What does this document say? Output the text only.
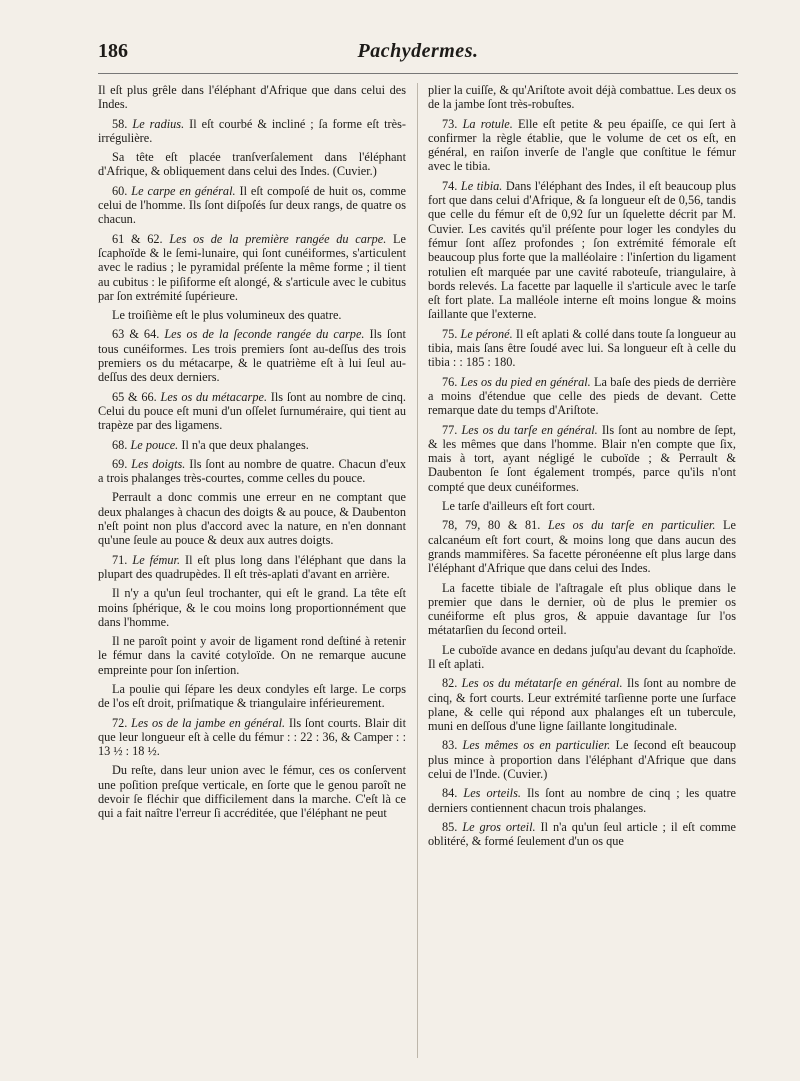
186	Pachydermes.

Il eſt plus grêle dans l'éléphant d'Afrique que dans celui des Indes.

58. Le radius. Il eſt courbé & incliné ; ſa forme eſt très-irrégulière.

Sa tête eſt placée tranſverſalement dans l'éléphant d'Afrique, & obliquement dans celui des Indes. (Cuvier.)

60. Le carpe en général. Il eſt compoſé de huit os, comme celui de l'homme. Ils ſont diſpoſés ſur deux rangs, de quatre os chacun.

61 & 62. Les os de la première rangée du carpe. Le ſcaphoïde & le ſemi-lunaire, qui ſont cunéiformes, s'articulent avec le radius ; le pyramidal préſente la même forme ; il tient au cubitus : le piſiforme eſt alongé, & s'articule avec le cubitus par ſon extrémité ſupérieure.

Le troiſième eſt le plus volumineux des quatre.

63 & 64. Les os de la ſeconde rangée du carpe. Ils ſont tous cunéiformes. Les trois premiers ſont au-deſſus des trois premiers os du métacarpe, & le quatrième eſt à lui ſeul au-deſſus des deux derniers.

65 & 66. Les os du métacarpe. Ils ſont au nombre de cinq. Celui du pouce eſt muni d'un oſſelet ſurnuméraire, qui tient au trapèze par des ligamens.

68. Le pouce. Il n'a que deux phalanges.

69. Les doigts. Ils ſont au nombre de quatre. Chacun d'eux a trois phalanges très-courtes, comme celles du pouce.

Perrault a donc commis une erreur en ne comptant que deux phalanges à chacun des doigts & au pouce, & Daubenton n'eſt point non plus d'accord avec la nature, en n'en donnant qu'une ſeule au pouce & deux aux autres doigts.

71. Le fémur. Il eſt plus long dans l'éléphant que dans la plupart des quadrupèdes. Il eſt très-aplati d'avant en arrière.

Il n'y a qu'un ſeul trochanter, qui eſt le grand. La tête eſt moins ſphérique, & le cou moins long proportionnément que dans l'homme.

Il ne paroît point y avoir de ligament rond deſtiné à retenir le fémur dans la cavité cotyloïde. On ne remarque aucune empreinte pour ſon inſertion.

La poulie qui ſépare les deux condyles eſt large. Le corps de l'os eſt droit, priſmatique & triangulaire inférieurement.

72. Les os de la jambe en général. Ils ſont courts. Blair dit que leur longueur eſt à celle du fémur : : 22 : 36, & Camper : : 13 ½ : 18 ½.

Du reſte, dans leur union avec le fémur, ces os conſervent une poſition preſque verticale, en ſorte que le genou paroît ne devoir ſe fléchir que difficilement dans la marche. C'eſt là ce qui a fait naître l'erreur ſi accréditée, que l'éléphant ne peut

plier la cuiſſe, & qu'Ariſtote avoit déjà combattue. Les deux os de la jambe ſont très-robuſtes.

73. La rotule. Elle eſt petite & peu épaiſſe, ce qui ſert à confirmer la règle établie, que le volume de cet os eſt, en général, en raiſon inverſe de l'angle que conſtitue le fémur avec le tibia.

74. Le tibia. Dans l'éléphant des Indes, il eſt beaucoup plus fort que dans celui d'Afrique, & ſa longueur eſt de 0,56, tandis que celle du fémur eſt de 0,92 ſur un ſquelette décrit par M. Cuvier. Les cavités qu'il préſente pour loger les condyles du fémur ſont aſſez profondes ; ſon extrémité fémorale eſt beaucoup plus forte que la malléolaire : l'inſertion du ligament rotulien eſt marquée par une cavité raboteuſe, triangulaire, à bords relevés. La facette par laquelle il s'articule avec le tarſe eſt fort plate. La malléole interne eſt moins longue & moins ſaillante que l'externe.

75. Le péroné. Il eſt aplati & collé dans toute ſa longueur au tibia, mais ſans être ſoudé avec lui. Sa longueur eſt à celle du tibia : : 185 : 180.

76. Les os du pied en général. La baſe des pieds de derrière a moins d'étendue que celle des pieds de devant. Cette remarque date du temps d'Ariſtote.

77. Les os du tarſe en général. Ils ſont au nombre de ſept, & les mêmes que dans l'homme. Blair n'en compte que ſix, mais à tort, ayant négligé le cuboïde ; & Perrault & Daubenton ſe ſont également trompés, parce qu'ils n'ont compté que deux cunéiformes.

Le tarſe d'ailleurs eſt fort court.

78, 79, 80 & 81. Les os du tarſe en particulier. Le calcanéum eſt fort court, & moins long que dans aucun des grands mammifères. Sa facette péronéenne eſt plus large dans l'éléphant d'Afrique que dans celui des Indes.

La facette tibiale de l'aſtragale eſt plus oblique dans le premier que dans le dernier, où de plus le premier os cunéiforme eſt plus gros, & appuie davantage ſur l'os métatarſien du ſecond orteil.

Le cuboïde avance en dedans juſqu'au devant du ſcaphoïde. Il eſt aplati.

82. Les os du métatarſe en général. Ils ſont au nombre de cinq, & fort courts. Leur extrémité tarſienne porte une ſurface plane, & celle qui répond aux phalanges eſt un tubercule, muni en deſſous d'une ligne ſaillante longitudinale.

83. Les mêmes os en particulier. Le ſecond eſt beaucoup plus mince à proportion dans l'éléphant d'Afrique que dans celui de l'Inde. (Cuvier.)

84. Les orteils. Ils ſont au nombre de cinq ; les quatre derniers contiennent chacun trois phalanges.

85. Le gros orteil. Il n'a qu'un ſeul article ; il eſt comme oblitéré, & formé ſeulement d'un os que
